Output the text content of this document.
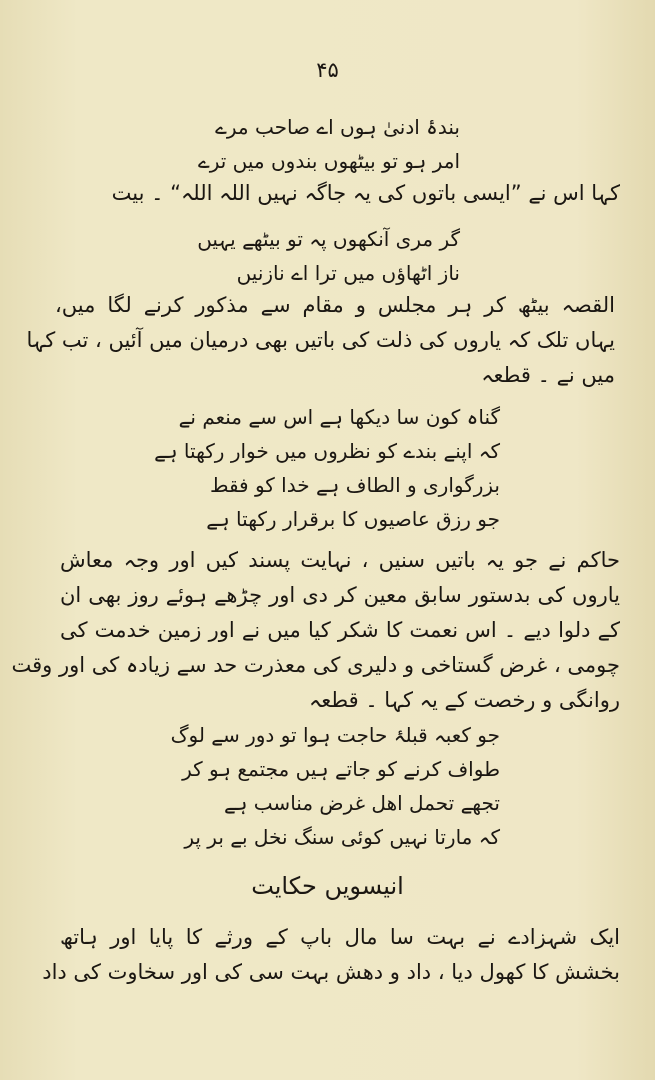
۴۵
بندۂ ادنیٰ ہوں اے صاحب مرے
امر ہو تو بیٹھوں بندوں میں ترے
کہا اس نے ”ایسی باتوں کی یہ جاگہ نہیں اللہ اللہ“ ۔ بیت
گر مری آنکھوں پہ تو بیٹھے یہیں
ناز اٹھاؤں میں ترا اے نازنیں
القصہ بیٹھ کر ہر مجلس و مقام سے مذکور کرنے لگا میں،
یہاں تلک کہ یاروں کی ذلت کی باتیں بھی درمیان میں آئیں ، تب کہا
میں نے ۔ قطعہ
گناہ کون سا دیکھا ہے اس سے منعم نے
کہ اپنے بندے کو نظروں میں خوار رکھتا ہے
بزرگواری و الطاف ہے خدا کو فقط
جو رزق عاصیوں کا برقرار رکھتا ہے
حاکم نے جو یہ باتیں سنیں ، نہایت پسند کیں اور وجہ معاش
یاروں کی بدستور سابق معین کر دی اور چڑھے ہوئے روز بھی ان
کے دلوا دیے ۔ اس نعمت کا شکر کیا میں نے اور زمین خدمت کی
چومی ، غرض گستاخی و دلیری کی معذرت حد سے زیادہ کی اور وقت
روانگی و رخصت کے یہ کہا ۔ قطعہ
جو کعبہ قبلۂ حاجت ہوا تو دور سے لوگ
طواف کرنے کو جاتے ہیں مجتمع ہو کر
تجھے تحمل اھل غرض مناسب ہے
کہ مارتا نہیں کوئی سنگ نخل بے بر پر
انیسویں حکایت
ایک شہزادے نے بہت سا مال باپ کے ورثے کا پایا اور ہاتھ
بخشش کا کھول دیا ، داد و دھش بہت سی کی اور سخاوت کی داد
